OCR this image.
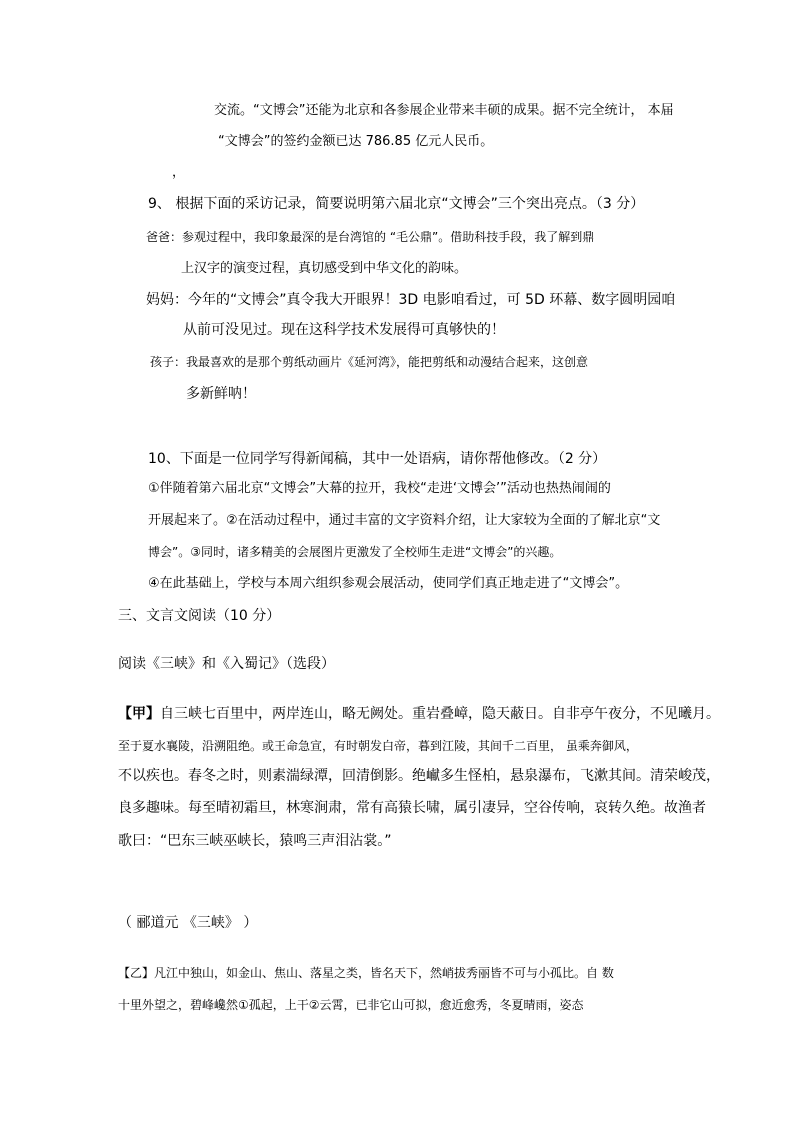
交流。“文博会”还能为北京和各参展企业带来丰硕的成果。据不完全统计， 本届
“文博会”的签约金额已达 786.85 亿元人民币。
，
9、 根据下面的采访记录，简要说明第六届北京“文博会”三个突出亮点。（3 分）
爸爸：参观过程中，我印象最深的是台湾馆的 “毛公鼎”。借助科技手段，我了解到鼎
上汉字的演变过程，真切感受到中华文化的韵味。
妈妈：今年的“文博会”真令我大开眼界！3D 电影咱看过，可 5D 环幕、数字圆明园咱
从前可没见过。现在这科学技术发展得可真够快的！
孩子：我最喜欢的是那个剪纸动画片《延河湾》，能把剪纸和动漫结合起来，这创意
多新鲜呐！
10、下面是一位同学写得新闻稿，其中一处语病，请你帮他修改。（2 分）
①伴随着第六届北京“文博会”大幕的拉开，我校“走进‘文博会’”活动也热热闹闹的
开展起来了。②在活动过程中，通过丰富的文字资料介绍，让大家较为全面的了解北京“文
博会”。③同时，诸多精美的会展图片更激发了全校师生走进“文博会”的兴趣。
④在此基础上，学校与本周六组织参观会展活动，使同学们真正地走进了“文博会”。
三、文言文阅读（10 分）
阅读《三峡》和《入蜀记》（选段）
【甲】自三峡七百里中，两岸连山，略无阙处。重岩叠嶂，隐天蔽日。自非亭午夜分，不见曦月。
至于夏水襄陵，沿溯阻绝。或王命急宣，有时朝发白帝，暮到江陵，其间千二百里， 虽乘奔御风，
不以疾也。春冬之时，则素湍绿潭，回清倒影。绝𪩘多生怪柏，悬泉瀑布，飞漱其间。清荣峻茂，
良多趣味。每至晴初霜旦，林寒涧肃，常有高猿长啸，属引凄异，空谷传响，哀转久绝。故渔者
歌曰：“巴东三峡巫峡长，猿鸣三声泪沾裳。”
（ 郦道元 《三峡》 ）
【乙】凡江中独山，如金山、焦山、落星之类，皆名天下，然峭拔秀丽皆不可与小孤比。自 数
十里外望之，碧峰巉然①孤起，上干②云霄，已非它山可拟，愈近愈秀，冬夏晴雨，姿态
